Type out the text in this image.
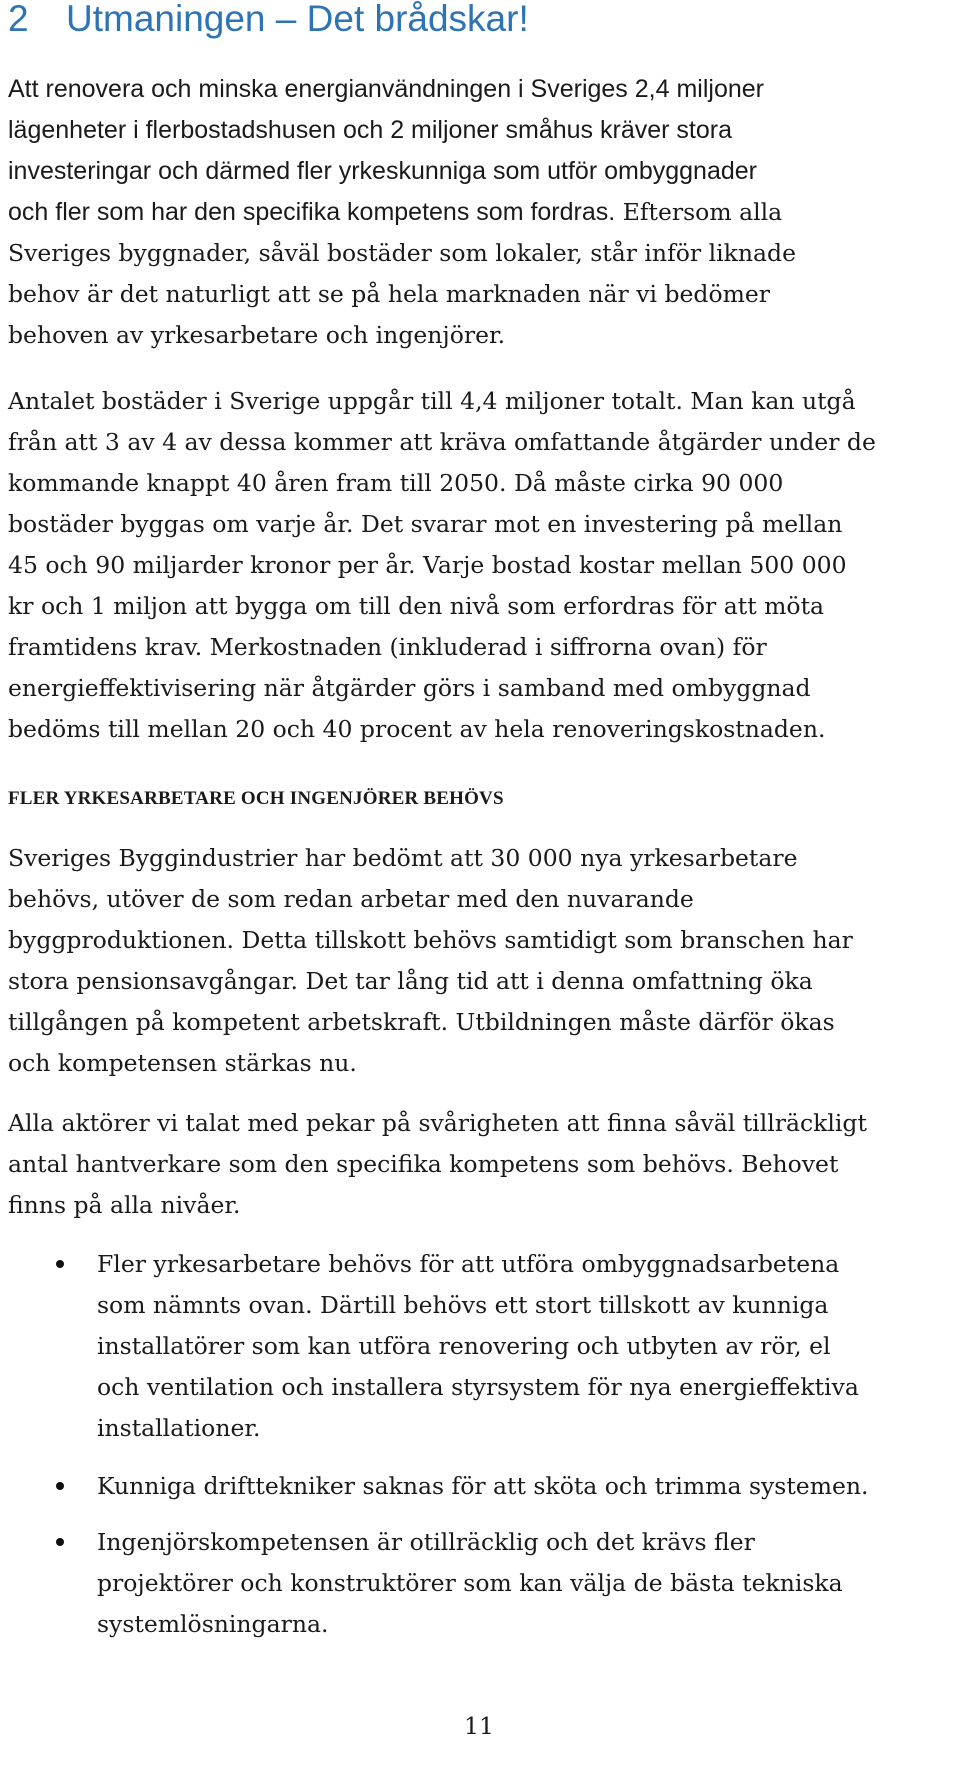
2 Utmaningen – Det brådskar!

Att renovera och minska energianvändningen i Sveriges 2,4 miljoner
lägenheter i flerbostadshusen och 2 miljoner småhus kräver stora
investeringar och därmed fler yrkeskunniga som utför ombyggnader
och fler som har den specifika kompetens som fordras. Eftersom alla
Sveriges byggnader, såväl bostäder som lokaler, står inför liknade
behov är det naturligt att se på hela marknaden när vi bedömer
behoven av yrkesarbetare och ingenjörer.

Antalet bostäder i Sverige uppgår till 4,4 miljoner totalt. Man kan utgå
från att 3 av 4 av dessa kommer att kräva omfattande åtgärder under de
kommande knappt 40 åren fram till 2050. Då måste cirka 90 000
bostäder byggas om varje år. Det svarar mot en investering på mellan
45 och 90 miljarder kronor per år. Varje bostad kostar mellan 500 000
kr och 1 miljon att bygga om till den nivå som erfordras för att möta
framtidens krav. Merkostnaden (inkluderad i siffrorna ovan) för
energieffektivisering när åtgärder görs i samband med ombyggnad
bedöms till mellan 20 och 40 procent av hela renoveringskostnaden.

FLER YRKESARBETARE OCH INGENJÖRER BEHÖVS

Sveriges Byggindustrier har bedömt att 30 000 nya yrkesarbetare
behövs, utöver de som redan arbetar med den nuvarande
byggproduktionen. Detta tillskott behövs samtidigt som branschen har
stora pensionsavgångar. Det tar lång tid att i denna omfattning öka
tillgången på kompetent arbetskraft. Utbildningen måste därför ökas
och kompetensen stärkas nu.

Alla aktörer vi talat med pekar på svårigheten att finna såväl tillräckligt
antal hantverkare som den specifika kompetens som behövs. Behovet
finns på alla nivåer.

Fler yrkesarbetare behövs för att utföra ombyggnadsarbetena
som nämnts ovan. Därtill behövs ett stort tillskott av kunniga
installatörer som kan utföra renovering och utbyten av rör, el
och ventilation och installera styrsystem för nya energieffektiva
installationer.
Kunniga drifttekniker saknas för att sköta och trimma systemen.
Ingenjörskompetensen är otillräcklig och det krävs fler
projektörer och konstruktörer som kan välja de bästa tekniska
systemlösningarna.
11
